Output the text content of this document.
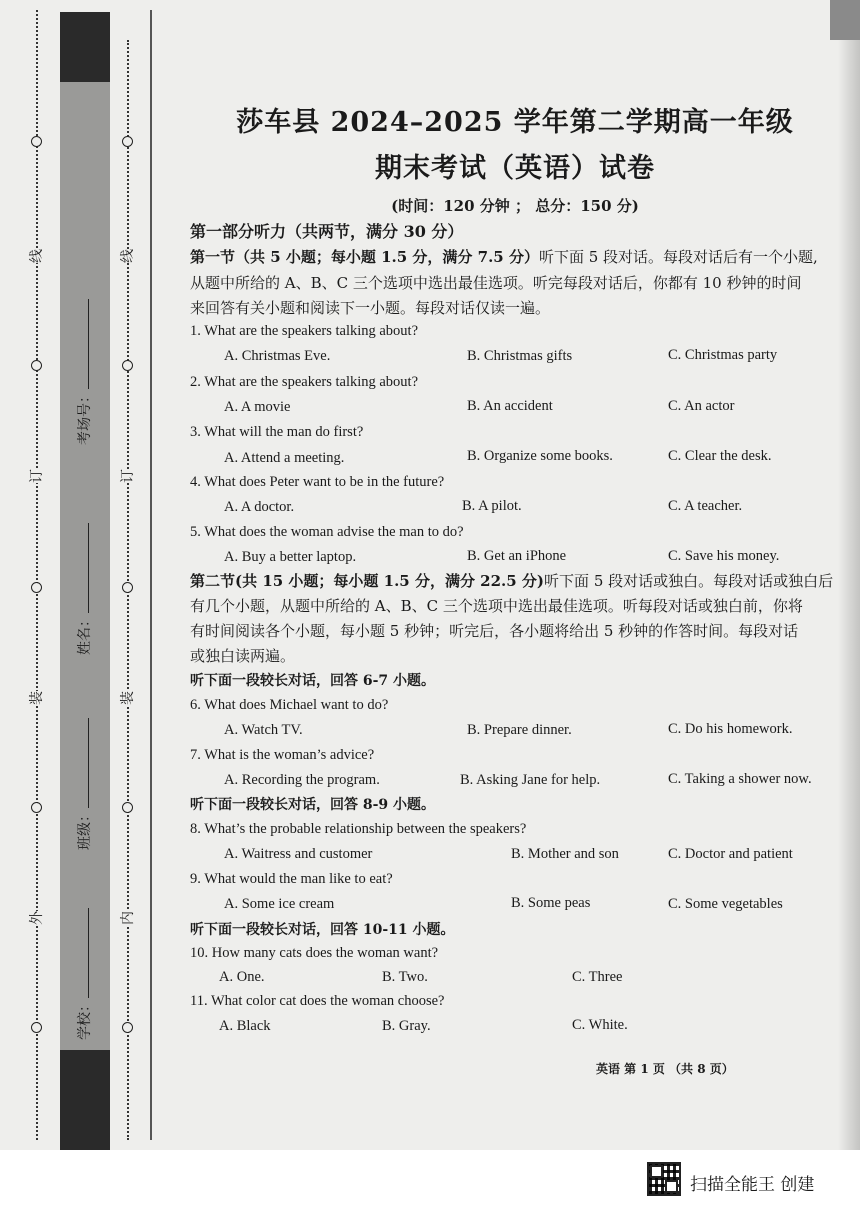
线
订
装
外
线
订
装
内
考场号：
姓名：
班级：
学校：
莎车县 2024–2025 学年第二学期高一年级
期末考试（英语）试卷
(时间：120 分钟 ； 总分：150 分)
第一部分听力（共两节，满分 30 分）
第一节（共 5 小题；每小题 1.5 分，满分 7.5 分）听下面 5 段对话。每段对话后有一个小题,
从题中所给的 A、B、C 三个选项中选出最佳选项。听完每段对话后，你都有 10 秒钟的时间
来回答有关小题和阅读下一小题。每段对话仅读一遍。
1. What are the speakers talking about?
A. Christmas Eve.	B. Christmas gifts	C. Christmas party
2. What are the speakers talking about?
A. A movie	B. An accident	C. An actor
3. What will the man do first?
A. Attend a meeting.	B. Organize some books.	C. Clear the desk.
4. What does Peter want to be in the future?
A. A doctor.	B. A pilot.	C. A teacher.
5. What does the woman advise the man to do?
A. Buy a better laptop.	B. Get an iPhone	C. Save his money.
第二节(共 15 小题；每小题 1.5 分，满分 22.5 分)听下面 5 段对话或独白。每段对话或独白后
有几个小题，从题中所给的 A、B、C 三个选项中选出最佳选项。听每段对话或独白前，你将
有时间阅读各个小题，每小题 5 秒钟；听完后，各小题将给出 5 秒钟的作答时间。每段对话
或独白读两遍。
听下面一段较长对话，回答 6-7 小题。
6. What does Michael want to do?
A. Watch TV.	B. Prepare dinner.	C. Do his homework.
7. What is the woman’s advice?
A. Recording the program.	B. Asking Jane for help.	C. Taking a shower now.
听下面一段较长对话，回答 8-9 小题。
8. What’s the probable relationship between the speakers?
A. Waitress and customer	B. Mother and son	C. Doctor and patient
9. What would the man like to eat?
A. Some ice cream	B. Some peas	C. Some vegetables
听下面一段较长对话，回答 10-11 小题。
10. How many cats does the woman want?
A. One.	B. Two.	C. Three
11. What color cat does the woman choose?
A. Black	B. Gray.	C. White.
英语 第 1 页 （共 8 页）
扫描全能王 创建
